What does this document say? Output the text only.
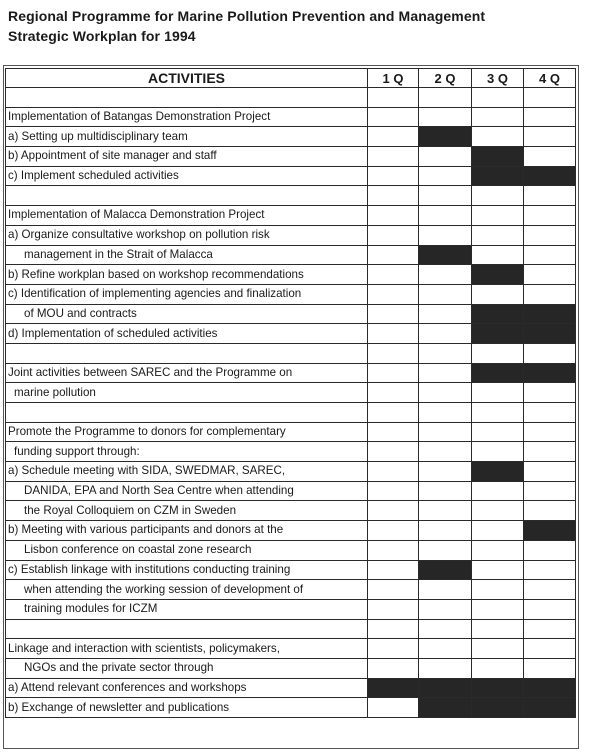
Regional Programme for Marine Pollution Prevention and Management
Strategic Workplan for 1994
ACTIVITIES	1 Q	2 Q	3 Q	4 Q

Implementation of Batangas Demonstration Project				
a) Setting up multidisciplinary team				
b) Appointment of site manager and staff				
c) Implement scheduled activities				

Implementation of Malacca Demonstration Project				
a) Organize consultative workshop on pollution risk				
management in the Strait of Malacca				
b) Refine workplan based on workshop recommendations				
c) Identification of implementing agencies and finalization				
of MOU and contracts				
d) Implementation of scheduled activities				

Joint activities between SAREC and the Programme on				
marine pollution				

Promote the Programme to donors for complementary				
funding support through:				
a) Schedule meeting with SIDA, SWEDMAR, SAREC,				
DANIDA, EPA and North Sea Centre when attending				
the Royal Colloquiem on CZM in Sweden				
b) Meeting with various participants and donors at the				
Lisbon conference on coastal zone research				
c) Establish linkage with institutions conducting training				
when attending the working session of development of				
training modules for ICZM				

Linkage and interaction with scientists, policymakers,				
NGOs and the private sector through				
a) Attend relevant conferences and workshops				
b) Exchange of newsletter and publications				
